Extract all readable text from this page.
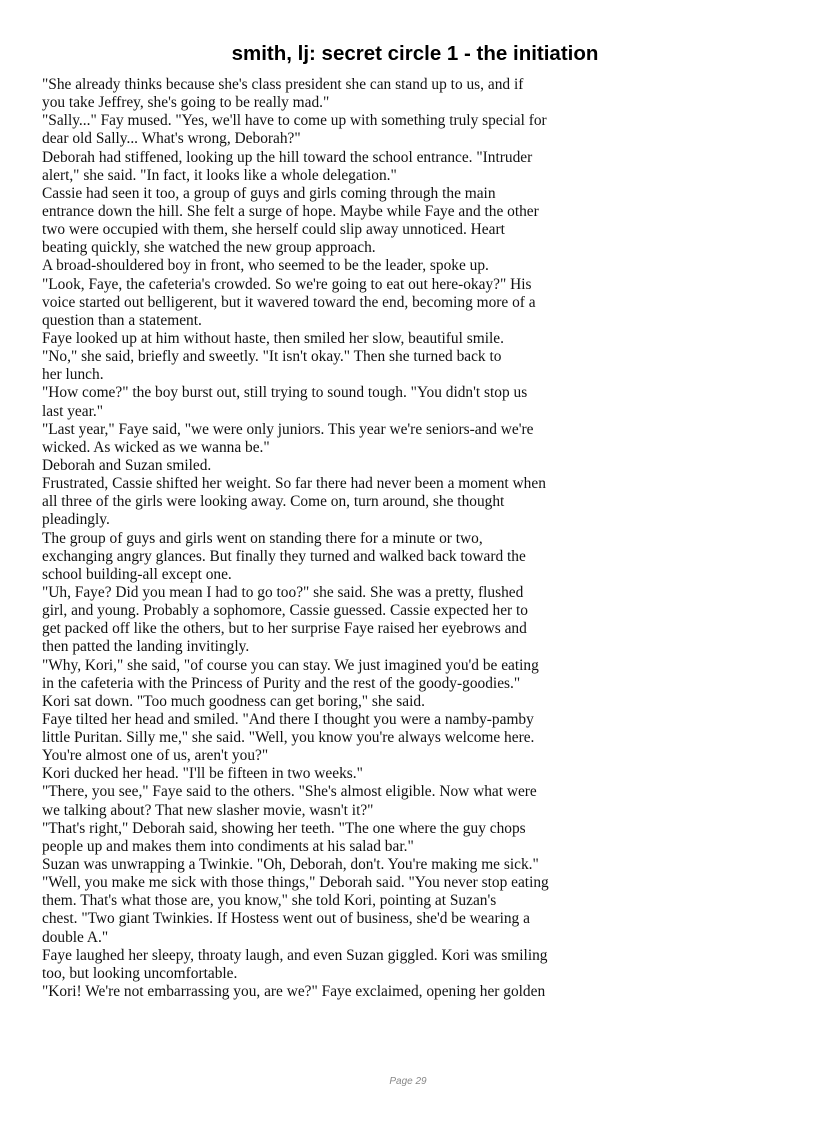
smith, lj: secret circle 1 - the initiation
"She already thinks because she's class president she can stand up to us, and if
you take Jeffrey, she's going to be really mad."
"Sally..." Fay mused. "Yes, we'll have to come up with something truly special for
dear old Sally... What's wrong, Deborah?"
Deborah had stiffened, looking up the hill toward the school entrance. "Intruder
alert," she said. "In fact, it looks like a whole delegation."
Cassie had seen it too, a group of guys and girls coming through the main
entrance down the hill. She felt a surge of hope. Maybe while Faye and the other
two were occupied with them, she herself could slip away unnoticed. Heart
beating quickly, she watched the new group approach.
A broad-shouldered boy in front, who seemed to be the leader, spoke up.
"Look, Faye, the cafeteria's crowded. So we're going to eat out here-okay?" His
voice started out belligerent, but it wavered toward the end, becoming more of a
question than a statement.
Faye looked up at him without haste, then smiled her slow, beautiful smile.
"No," she said, briefly and sweetly. "It isn't okay." Then she turned back to
her lunch.
"How come?" the boy burst out, still trying to sound tough. "You didn't stop us
last year."
"Last year," Faye said, "we were only juniors. This year we're seniors-and we're
wicked. As wicked as we wanna be."
Deborah and Suzan smiled.
Frustrated, Cassie shifted her weight. So far there had never been a moment when
all three of the girls were looking away. Come on, turn around, she thought
pleadingly.
The group of guys and girls went on standing there for a minute or two,
exchanging angry glances. But finally they turned and walked back toward the
school building-all except one.
"Uh, Faye? Did you mean I had to go too?" she said. She was a pretty, flushed
girl, and young. Probably a sophomore, Cassie guessed. Cassie expected her to
get packed off like the others, but to her surprise Faye raised her eyebrows and
then patted the landing invitingly.
"Why, Kori," she said, "of course you can stay. We just imagined you'd be eating
in the cafeteria with the Princess of Purity and the rest of the goody-goodies."
Kori sat down. "Too much goodness can get boring," she said.
Faye tilted her head and smiled. "And there I thought you were a namby-pamby
little Puritan. Silly me," she said. "Well, you know you're always welcome here.
You're almost one of us, aren't you?"
Kori ducked her head. "I'll be fifteen in two weeks."
"There, you see," Faye said to the others. "She's almost eligible. Now what were
we talking about? That new slasher movie, wasn't it?"
"That's right," Deborah said, showing her teeth. "The one where the guy chops
people up and makes them into condiments at his salad bar."
Suzan was unwrapping a Twinkie. "Oh, Deborah, don't. You're making me sick."
"Well, you make me sick with those things," Deborah said. "You never stop eating
them. That's what those are, you know," she told Kori, pointing at Suzan's
chest. "Two giant Twinkies. If Hostess went out of business, she'd be wearing a
double A."
Faye laughed her sleepy, throaty laugh, and even Suzan giggled. Kori was smiling
too, but looking uncomfortable.
"Kori! We're not embarrassing you, are we?" Faye exclaimed, opening her golden
Page 29
